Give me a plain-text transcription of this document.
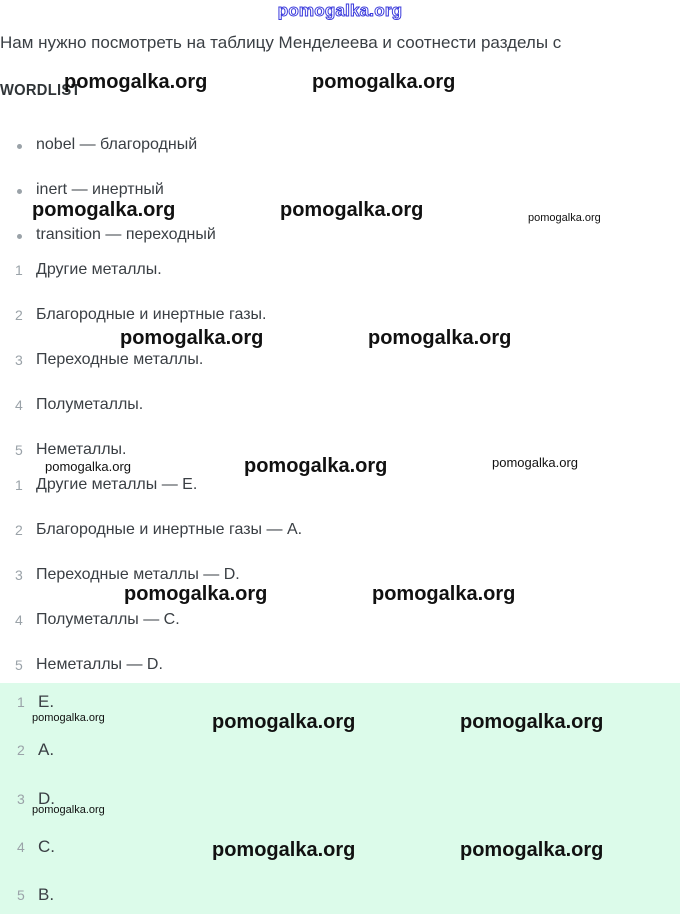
pomogalka.org
Нам нужно посмотреть на таблицу Менделеева и соотнести разделы с
WORDLIST
nobel — благородный
inert — инертный
transition — переходный
1 Другие металлы.
2 Благородные и инертные газы.
3 Переходные металлы.
4 Полуметаллы.
5 Неметаллы.
1 Другие металлы — E.
2 Благородные и инертные газы — A.
3 Переходные металлы — D.
4 Полуметаллы — C.
5 Неметаллы — D.
1 E.
2 A.
3 D.
4 C.
5 B.
pomogalka.org	pomogalka.org
pomogalka.org	pomogalka.org	pomogalka.org
pomogalka.org	pomogalka.org
pomogalka.org	pomogalka.org	pomogalka.org
pomogalka.org	pomogalka.org
pomogalka.org	pomogalka.org	pomogalka.org
pomogalka.org
pomogalka.org	pomogalka.org
